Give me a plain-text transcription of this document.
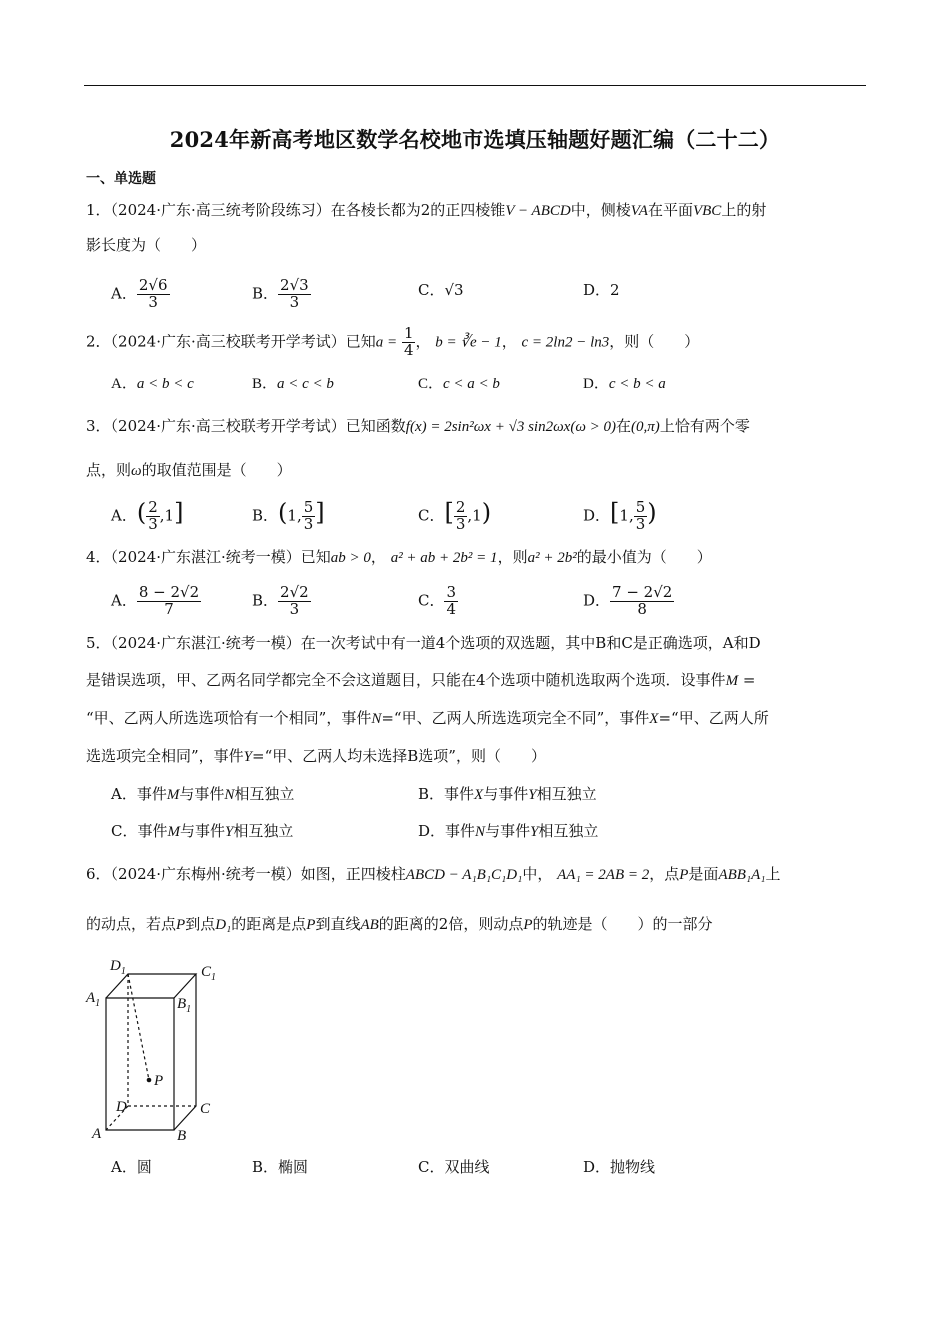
2024年新高考地区数学名校地市选填压轴题好题汇编（二十二）
一、单选题
1．（2024·广东·高三统考阶段练习）在各棱长都为2的正四棱锥V − ABCD中，侧棱VA在平面VBC上的射
影长度为（　　）
A． $\frac{2√6}{3}$	B． $\frac{2√3}{3}$	C．√3	D．2
2．（2024·广东·高三校联考开学考试）已知$a = \frac{1}{4}$ ， b = ∛e − 1， c = 2ln2 − ln3，则（　　）
A．a < b < c	B．a < c < b	C．c < a < b	D．c < b < a
3．（2024·广东·高三校联考开学考试）已知函数f(x) = 2sin²ωx + √3 sin2ωx(ω > 0)在(0,π)上恰有两个零
点，则ω的取值范围是（　　）
A．( $\frac{2}{3} ,1$]	B．(1, $\frac{5}{3}$ ]	C．[ $\frac{2}{3} ,1$)	D．[1, $\frac{5}{3}$ )
4．（2024·广东湛江·统考一模）已知ab > 0， a² + ab + 2b² = 1，则a² + 2b²的最小值为（　　）
A． $\frac{8 - 2√2}{7}$	B． $\frac{2√2}{3}$	C． $\frac{3}{4}$	D． $\frac{7 - 2√2}{8}$
5．（2024·广东湛江·统考一模）在一次考试中有一道4个选项的双选题，其中B和C是正确选项，A和D
是错误选项，甲、乙两名同学都完全不会这道题目，只能在4个选项中随机选取两个选项．设事件M =
“甲、乙两人所选选项恰有一个相同”，事件N=“甲、乙两人所选选项完全不同”，事件X=“甲、乙两人所
选选项完全相同”，事件Y=“甲、乙两人均未选择B选项”，则（　　）
A．事件M与事件N相互独立	B．事件X与事件Y相互独立
C．事件M与事件Y相互独立	D．事件N与事件Y相互独立
6．（2024·广东梅州·统考一模）如图，正四棱柱ABCD − A₁B₁C₁D₁中， AA₁ = 2AB = 2，点P是面ABB₁A₁上
的动点，若点P到点D₁的距离是点P到直线AB的距离的2倍，则动点P的轨迹是（　　）的一部分
$D_1$	$C_1$
$A_1$	$B_1$
P
D	C
A	B
A．圆	B．椭圆	C．双曲线	D．抛物线
